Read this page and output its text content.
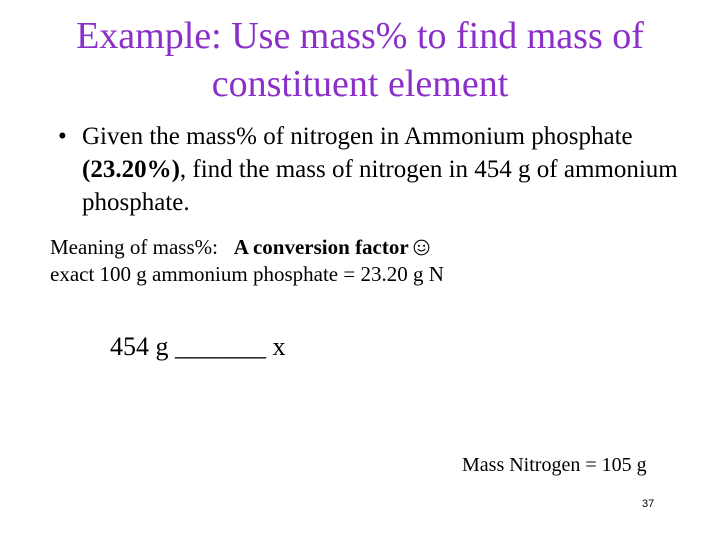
Example: Use mass% to find mass of
constituent element
• Given the mass% of nitrogen in Ammonium phosphate (23.20%), find the mass of nitrogen in 454 g of ammonium phosphate.
Meaning of mass%: A conversion factor
exact 100 g ammonium phosphate = 23.20 g N
454 g _______ x
Mass Nitrogen = 105 g
37
